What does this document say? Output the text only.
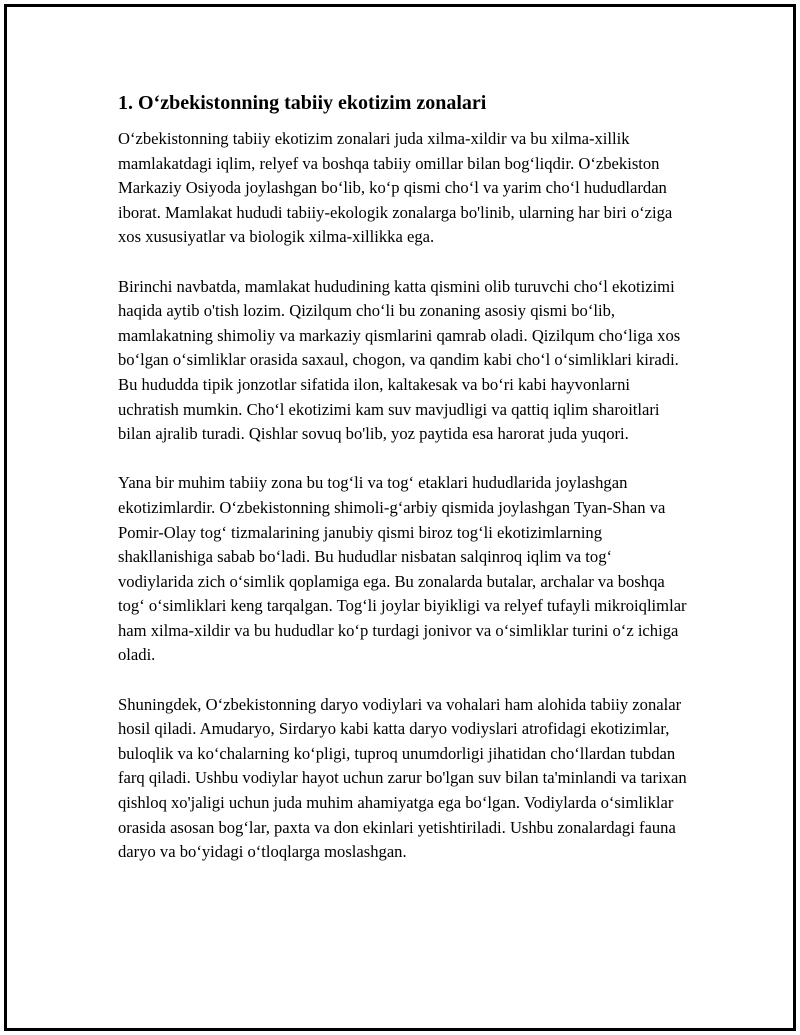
1. O‘zbekistonning tabiiy ekotizim zonalari

O‘zbekistonning tabiiy ekotizim zonalari juda xilma-xildir va bu xilma-xillik mamlakatdagi iqlim, relyef va boshqa tabiiy omillar bilan bog‘liqdir. O‘zbekiston Markaziy Osiyoda joylashgan bo‘lib, ko‘p qismi cho‘l va yarim cho‘l hududlardan iborat. Mamlakat hududi tabiiy-ekologik zonalarga bo'linib, ularning har biri o‘ziga xos xususiyatlar va biologik xilma-xillikka ega.

Birinchi navbatda, mamlakat hududining katta qismini olib turuvchi cho‘l ekotizimi haqida aytib o'tish lozim. Qizilqum cho‘li bu zonaning asosiy qismi bo‘lib, mamlakatning shimoliy va markaziy qismlarini qamrab oladi. Qizilqum cho‘liga xos bo‘lgan o‘simliklar orasida saxaul, chogon, va qandim kabi cho‘l o‘simliklari kiradi. Bu hududda tipik jonzotlar sifatida ilon, kaltakesak va bo‘ri kabi hayvonlarni uchratish mumkin. Cho‘l ekotizimi kam suv mavjudligi va qattiq iqlim sharoitlari bilan ajralib turadi. Qishlar sovuq bo'lib, yoz paytida esa harorat juda yuqori.

Yana bir muhim tabiiy zona bu tog‘li va tog‘ etaklari hududlarida joylashgan ekotizimlardir. O‘zbekistonning shimoli-g‘arbiy qismida joylashgan Tyan-Shan va Pomir-Olay tog‘ tizmalarining janubiy qismi biroz tog‘li ekotizimlarning shakllanishiga sabab bo‘ladi. Bu hududlar nisbatan salqinroq iqlim va tog‘ vodiylarida zich o‘simlik qoplamiga ega. Bu zonalarda butalar, archalar va boshqa tog‘ o‘simliklari keng tarqalgan. Tog‘li joylar biyikligi va relyef tufayli mikroiqlimlar ham xilma-xildir va bu hududlar ko‘p turdagi jonivor va o‘simliklar turini o‘z ichiga oladi.

Shuningdek, O‘zbekistonning daryo vodiylari va vohalari ham alohida tabiiy zonalar hosil qiladi. Amudaryo, Sirdaryo kabi katta daryo vodiyslari atrofidagi ekotizimlar, buloqlik va ko‘chalarning ko‘pligi, tuproq unumdorligi jihatidan cho‘llardan tubdan farq qiladi. Ushbu vodiylar hayot uchun zarur bo'lgan suv bilan ta'minlandi va tarixan qishloq xo'jaligi uchun juda muhim ahamiyatga ega bo‘lgan. Vodiylarda o‘simliklar orasida asosan bog‘lar, paxta va don ekinlari yetishtiriladi. Ushbu zonalardagi fauna daryo va bo‘yidagi o‘tloqlarga moslashgan.
